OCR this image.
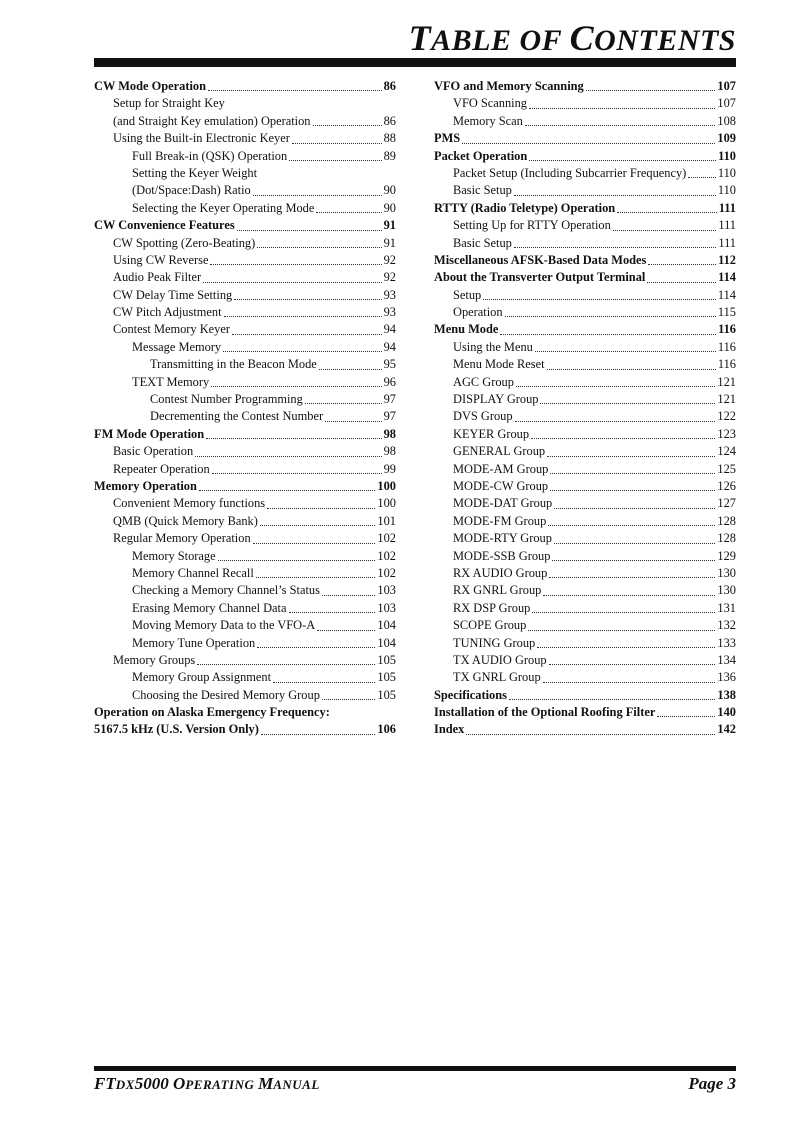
TABLE OF CONTENTS
CW Mode Operation	86
Setup for Straight Key
(and Straight Key emulation) Operation	86
Using the Built-in Electronic Keyer	88
Full Break-in (QSK) Operation	89
Setting the Keyer Weight
(Dot/Space:Dash) Ratio	90
Selecting the Keyer Operating Mode	90
CW Convenience Features	91
CW Spotting (Zero-Beating)	91
Using CW Reverse	92
Audio Peak Filter	92
CW Delay Time Setting	93
CW Pitch Adjustment	93
Contest Memory Keyer	94
Message Memory	94
Transmitting in the Beacon Mode	95
TEXT Memory	96
Contest Number Programming	97
Decrementing the Contest Number	97
FM Mode Operation	98
Basic Operation	98
Repeater Operation	99
Memory Operation	100
Convenient Memory functions	100
QMB (Quick Memory Bank)	101
Regular Memory Operation	102
Memory Storage	102
Memory Channel Recall	102
Checking a Memory Channel’s Status	103
Erasing Memory Channel Data	103
Moving Memory Data to the VFO-A	104
Memory Tune Operation	104
Memory Groups	105
Memory Group Assignment	105
Choosing the Desired Memory Group	105
Operation on Alaska Emergency Frequency:
5167.5 kHz (U.S. Version Only)	106
VFO and Memory Scanning	107
VFO Scanning	107
Memory Scan	108
PMS	109
Packet Operation	110
Packet Setup (Including Subcarrier Frequency)	110
Basic Setup	110
RTTY (Radio Teletype) Operation	111
Setting Up for RTTY Operation	111
Basic Setup	111
Miscellaneous AFSK-Based Data Modes	112
About the Transverter Output Terminal	114
Setup	114
Operation	115
Menu Mode	116
Using the Menu	116
Menu Mode Reset	116
AGC Group	121
DISPLAY Group	121
DVS Group	122
KEYER Group	123
GENERAL Group	124
MODE-AM Group	125
MODE-CW Group	126
MODE-DAT Group	127
MODE-FM Group	128
MODE-RTY Group	128
MODE-SSB Group	129
RX AUDIO Group	130
RX GNRL Group	130
RX DSP Group	131
SCOPE Group	132
TUNING Group	133
TX AUDIO Group	134
TX GNRL Group	136
Specifications	138
Installation of the Optional Roofing Filter	140
Index	142
FTDX5000 OPERATING MANUAL	Page 3
